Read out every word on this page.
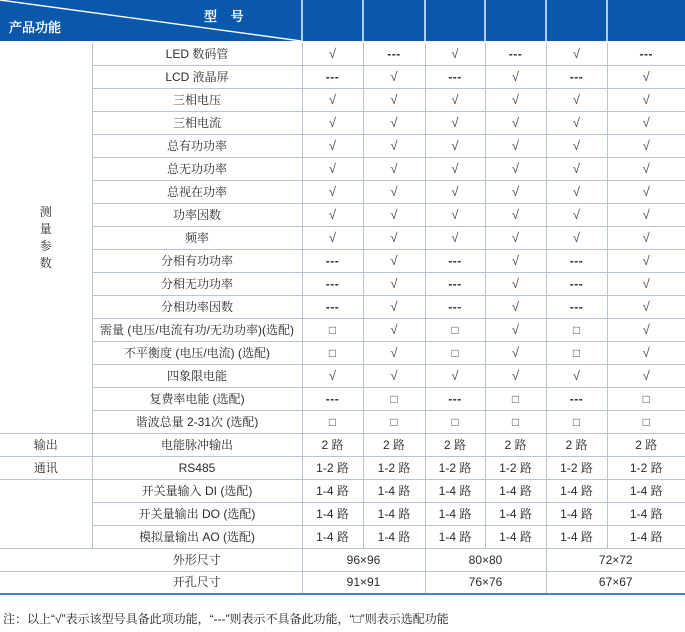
型 号
产品功能							

测量参数	LED 数码管	√	---	√	---	√	---
	LCD 液晶屏	---	√	---	√	---	√
	三相电压	√	√	√	√	√	√
	三相电流	√	√	√	√	√	√
	总有功功率	√	√	√	√	√	√
	总无功功率	√	√	√	√	√	√
	总视在功率	√	√	√	√	√	√
	功率因数	√	√	√	√	√	√
	频率	√	√	√	√	√	√
	分相有功功率	---	√	---	√	---	√
	分相无功功率	---	√	---	√	---	√
	分相功率因数	---	√	---	√	---	√
	需量 (电压/电流有功/无功功率)(选配)	□	√	□	√	□	√
	不平衡度 (电压/电流) (选配)	□	√	□	√	□	√
	四象限电能	√	√	√	√	√	√
	复费率电能 (选配)	---	□	---	□	---	□
	谐波总量 2-31次 (选配)	□	□	□	□	□	□
输出	电能脉冲输出	2 路	2 路	2 路	2 路	2 路	2 路
通讯	RS485	1-2 路	1-2 路	1-2 路	1-2 路	1-2 路	1-2 路
	开关量输入 DI (选配)	1-4 路	1-4 路	1-4 路	1-4 路	1-4 路	1-4 路
	开关量输出 DO (选配)	1-4 路	1-4 路	1-4 路	1-4 路	1-4 路	1-4 路
	模拟量输出 AO (选配)	1-4 路	1-4 路	1-4 路	1-4 路	1-4 路	1-4 路
外形尺寸		96×96		80×80		72×72	
开孔尺寸		91×91		76×76		67×67	
注：以上“√”表示该型号具备此项功能，“---”则表示不具备此功能，“□”则表示选配功能
